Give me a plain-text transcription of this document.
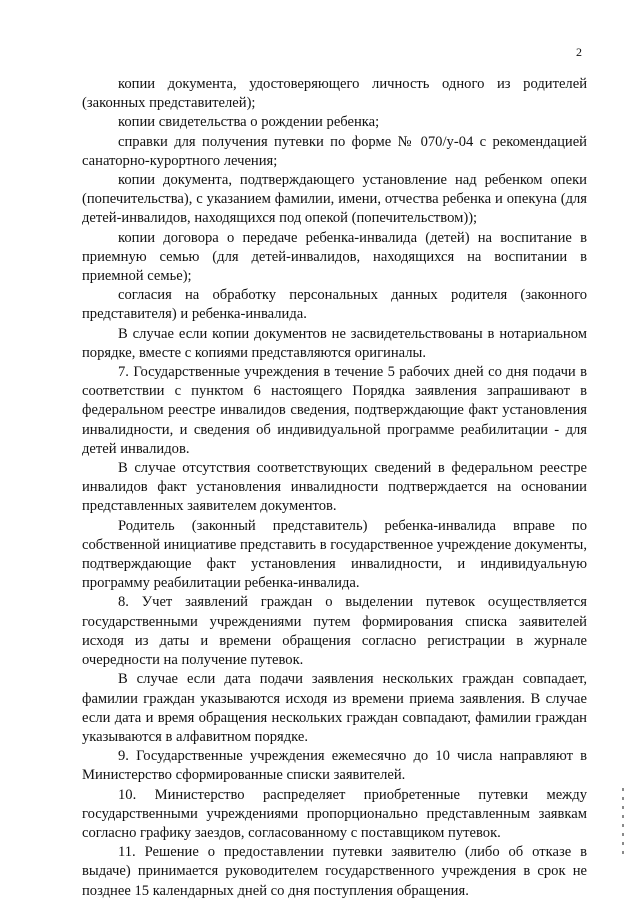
2

копии документа, удостоверяющего личность одного из родителей (законных представителей);

копии свидетельства о рождении ребенка;

справки для получения путевки по форме № 070/у-04 с рекомендацией санаторно-курортного лечения;

копии документа, подтверждающего установление над ребенком опеки (попечительства), с указанием фамилии, имени, отчества ребенка и опекуна (для детей-инвалидов, находящихся под опекой (попечительством));

копии договора о передаче ребенка-инвалида (детей) на воспитание в приемную семью (для детей-инвалидов, находящихся на воспитании в приемной семье);

согласия на обработку персональных данных родителя (законного представителя) и ребенка-инвалида.

В случае если копии документов не засвидетельствованы в нотариальном порядке, вместе с копиями представляются оригиналы.

7. Государственные учреждения в течение 5 рабочих дней со дня подачи в соответствии с пунктом 6 настоящего Порядка заявления запрашивают в федеральном реестре инвалидов сведения, подтверждающие факт установления инвалидности, и сведения об индивидуальной программе реабилитации - для детей инвалидов.

В случае отсутствия соответствующих сведений в федеральном реестре инвалидов факт установления инвалидности подтверждается на основании представленных заявителем документов.

Родитель (законный представитель) ребенка-инвалида вправе по собственной инициативе представить в государственное учреждение документы, подтверждающие факт установления инвалидности, и индивидуальную программу реабилитации ребенка-инвалида.

8. Учет заявлений граждан о выделении путевок осуществляется государственными учреждениями путем формирования списка заявителей исходя из даты и времени обращения согласно регистрации в журнале очередности на получение путевок.

В случае если дата подачи заявления нескольких граждан совпадает, фамилии граждан указываются исходя из времени приема заявления. В случае если дата и время обращения нескольких граждан совпадают, фамилии граждан указываются в алфавитном порядке.

9. Государственные учреждения ежемесячно до 10 числа направляют в Министерство сформированные списки заявителей.

10. Министерство распределяет приобретенные путевки между государственными учреждениями пропорционально представленным заявкам согласно графику заездов, согласованному с поставщиком путевок.

11. Решение о предоставлении путевки заявителю (либо об отказе в выдаче) принимается руководителем государственного учреждения в срок не позднее 15 календарных дней со дня поступления обращения.
